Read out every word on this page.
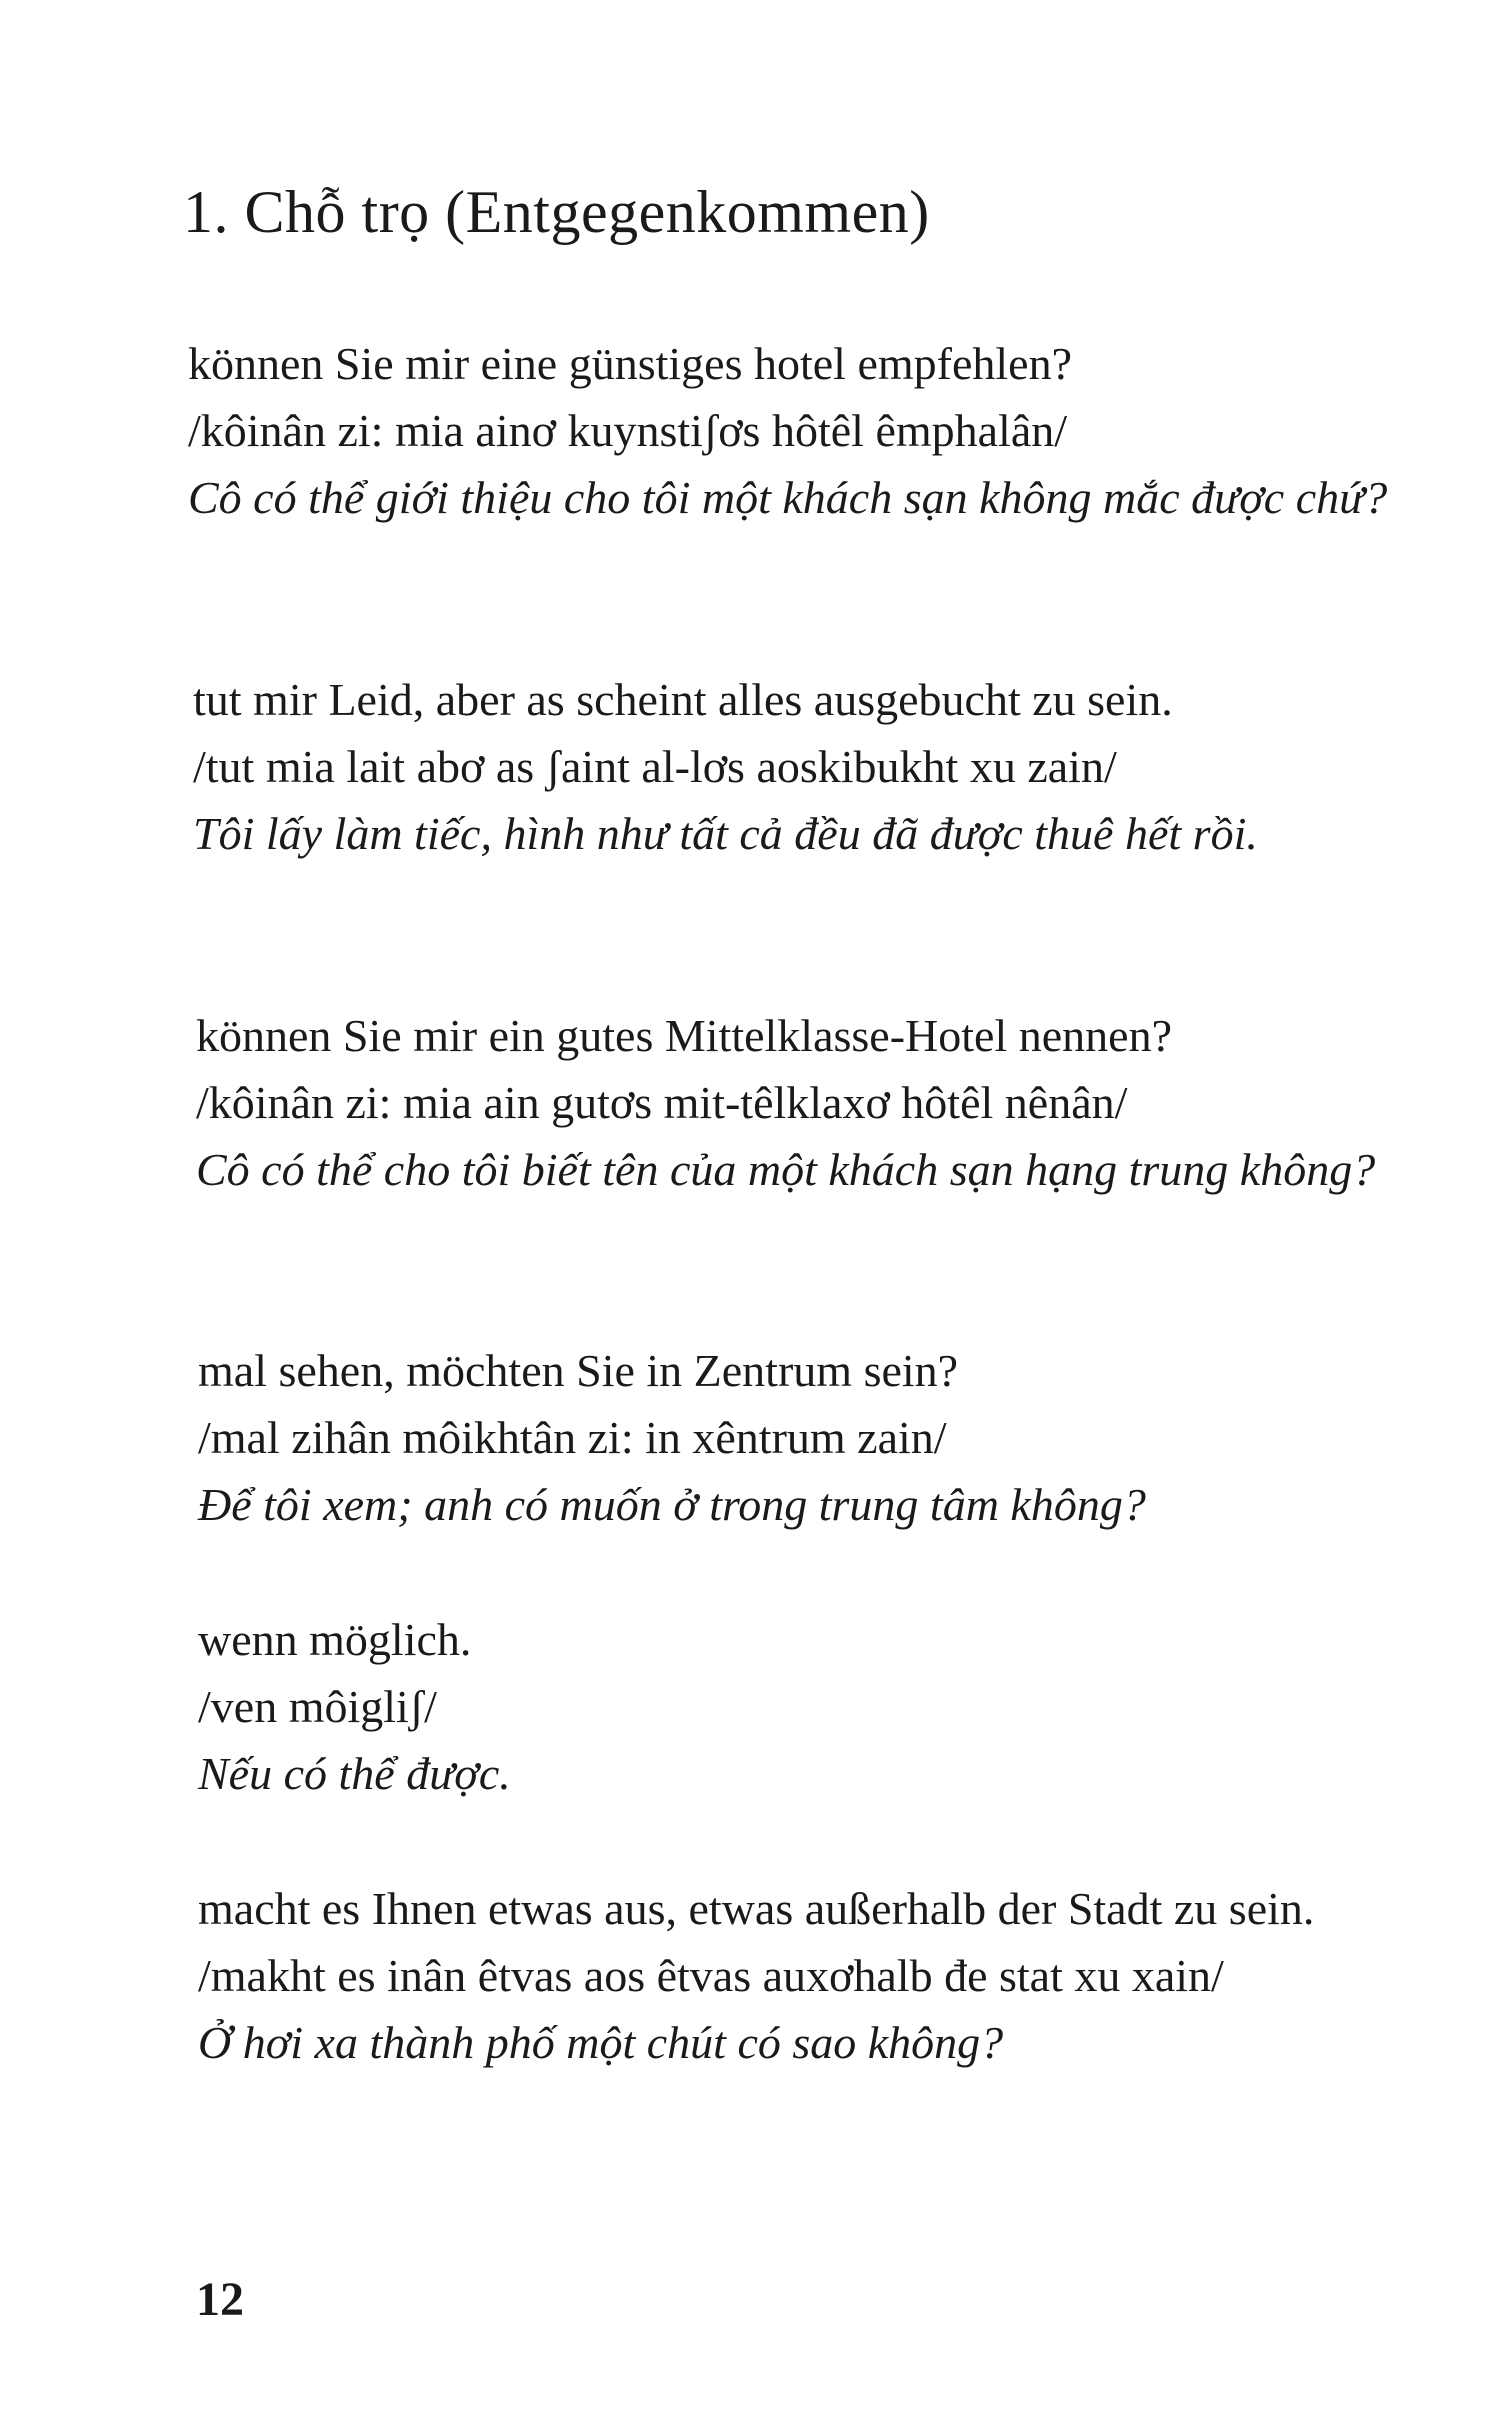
1. Chỗ trọ (Entgegenkommen)
können Sie mir eine günstiges hotel empfehlen?
/kôinân zi: mia ainơ kuynstiʃơs hôtêl êmphalân/
Cô có thể giới thiệu cho tôi một khách sạn không mắc được chứ?
tut mir Leid, aber as scheint alles ausgebucht zu sein.
/tut mia lait abơ as ʃaint al-lơs aoskibukht xu zain/
Tôi lấy làm tiếc, hình như tất cả đều đã được thuê hết rồi.
können Sie mir ein gutes Mittelklasse-Hotel nennen?
/kôinân zi: mia ain gutơs mit-têlklaxơ hôtêl nênân/
Cô có thể cho tôi biết tên của một khách sạn hạng trung không?
mal sehen, möchten Sie in Zentrum sein?
/mal zihân môikhtân zi: in xêntrum zain/
Để tôi xem; anh có muốn ở trong trung tâm không?
wenn möglich.
/ven môigliʃ/
Nếu có thể được.
macht es Ihnen etwas aus, etwas außerhalb der Stadt zu sein.
/makht es inân êtvas aos êtvas auxơhalb đe stat xu xain/
Ở hơi xa thành phố một chút có sao không?
12
